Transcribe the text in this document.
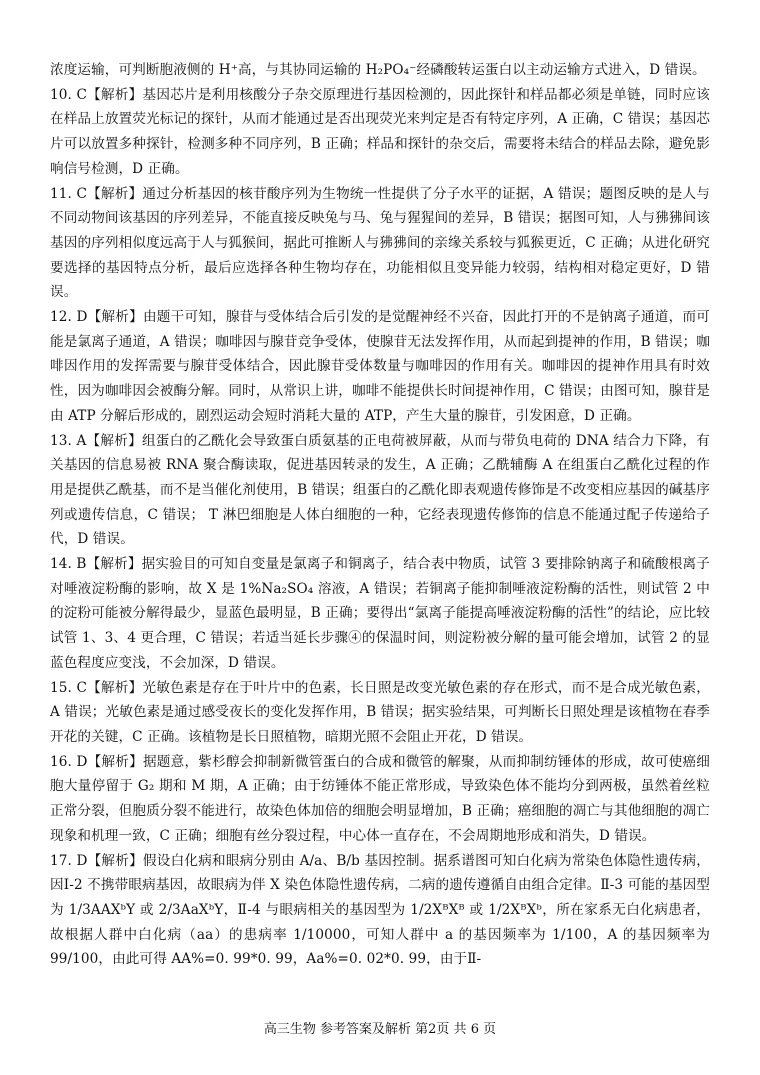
浓度运输，可判断胞液侧的 H⁺高，与其协同运输的 H₂PO₄⁻经磷酸转运蛋白以主动运输方式进入，D 错误。

10. C【解析】基因芯片是利用核酸分子杂交原理进行基因检测的，因此探针和样品都必须是单链，同时应该在样品上放置荧光标记的探针，从而才能通过是否出现荧光来判定是否有特定序列，A 正确，C 错误；基因芯片可以放置多种探针，检测多种不同序列，B 正确；样品和探针的杂交后，需要将未结合的样品去除，避免影响信号检测，D 正确。

11. C【解析】通过分析基因的核苷酸序列为生物统一性提供了分子水平的证据，A 错误；题图反映的是人与不同动物间该基因的序列差异，不能直接反映兔与马、兔与猩猩间的差异，B 错误；据图可知，人与狒狒间该基因的序列相似度远高于人与狐猴间，据此可推断人与狒狒间的亲缘关系较与狐猴更近，C 正确；从进化研究要选择的基因特点分析，最后应选择各种生物均存在，功能相似且变异能力较弱，结构相对稳定更好，D 错误。

12. D【解析】由题干可知，腺苷与受体结合后引发的是觉醒神经不兴奋，因此打开的不是钠离子通道，而可能是氯离子通道，A 错误；咖啡因与腺苷竞争受体，使腺苷无法发挥作用，从而起到提神的作用，B 错误；咖啡因作用的发挥需要与腺苷受体结合，因此腺苷受体数量与咖啡因的作用有关。咖啡因的提神作用具有时效性，因为咖啡因会被酶分解。同时，从常识上讲，咖啡不能提供长时间提神作用，C 错误；由图可知，腺苷是由 ATP 分解后形成的，剧烈运动会短时消耗大量的 ATP，产生大量的腺苷，引发困意，D 正确。

13. A【解析】组蛋白的乙酰化会导致蛋白质氨基的正电荷被屏蔽，从而与带负电荷的 DNA 结合力下降，有关基因的信息易被 RNA 聚合酶读取，促进基因转录的发生，A 正确；乙酰辅酶 A 在组蛋白乙酰化过程的作用是提供乙酰基，而不是当催化剂使用，B 错误；组蛋白的乙酰化即表观遗传修饰是不改变相应基因的碱基序列或遗传信息，C 错误； T 淋巴细胞是人体白细胞的一种，它经表现遗传修饰的信息不能通过配子传递给子代，D 错误。

14. B【解析】据实验目的可知自变量是氯离子和铜离子，结合表中物质，试管 3 要排除钠离子和硫酸根离子对唾液淀粉酶的影响，故 X 是 1%Na₂SO₄ 溶液，A 错误；若铜离子能抑制唾液淀粉酶的活性，则试管 2 中的淀粉可能被分解得最少，显蓝色最明显，B 正确；要得出“氯离子能提高唾液淀粉酶的活性”的结论，应比较试管 1、3、4 更合理，C 错误；若适当延长步骤④的保温时间，则淀粉被分解的量可能会增加，试管 2 的显蓝色程度应变浅，不会加深，D 错误。

15. C【解析】光敏色素是存在于叶片中的色素，长日照是改变光敏色素的存在形式，而不是合成光敏色素，A 错误；光敏色素是通过感受夜长的变化发挥作用，B 错误；据实验结果，可判断长日照处理是该植物在春季开花的关键，C 正确。该植物是长日照植物，暗期光照不会阻止开花，D 错误。

16. D【解析】据题意，紫杉醇会抑制新微管蛋白的合成和微管的解聚，从而抑制纺锤体的形成，故可使癌细胞大量停留于 G₂ 期和 M 期，A 正确；由于纺锤体不能正常形成，导致染色体不能均分到两极，虽然着丝粒正常分裂，但胞质分裂不能进行，故染色体加倍的细胞会明显增加，B 正确；癌细胞的凋亡与其他细胞的凋亡现象和机理一致，C 正确；细胞有丝分裂过程，中心体一直存在，不会周期地形成和消失，D 错误。

17. D【解析】假设白化病和眼病分别由 A/a、B/b 基因控制。据系谱图可知白化病为常染色体隐性遗传病，因Ⅰ-2 不携带眼病基因，故眼病为伴 X 染色体隐性遗传病，二病的遗传遵循自由组合定律。Ⅱ-3 可能的基因型为 1/3AAXᵇY 或 2/3AaXᵇY，Ⅱ-4 与眼病相关的基因型为 1/2XᴮXᴮ 或 1/2XᴮXᵇ，所在家系无白化病患者，故根据人群中白化病（aa）的患病率 1/10000，可知人群中 a 的基因频率为 1/100，A 的基因频率为 99/100，由此可得 AA%=0. 99*0. 99，Aa%=0. 02*0. 99，由于Ⅱ-

高三生物 参考答案及解析 第2页 共 6 页
